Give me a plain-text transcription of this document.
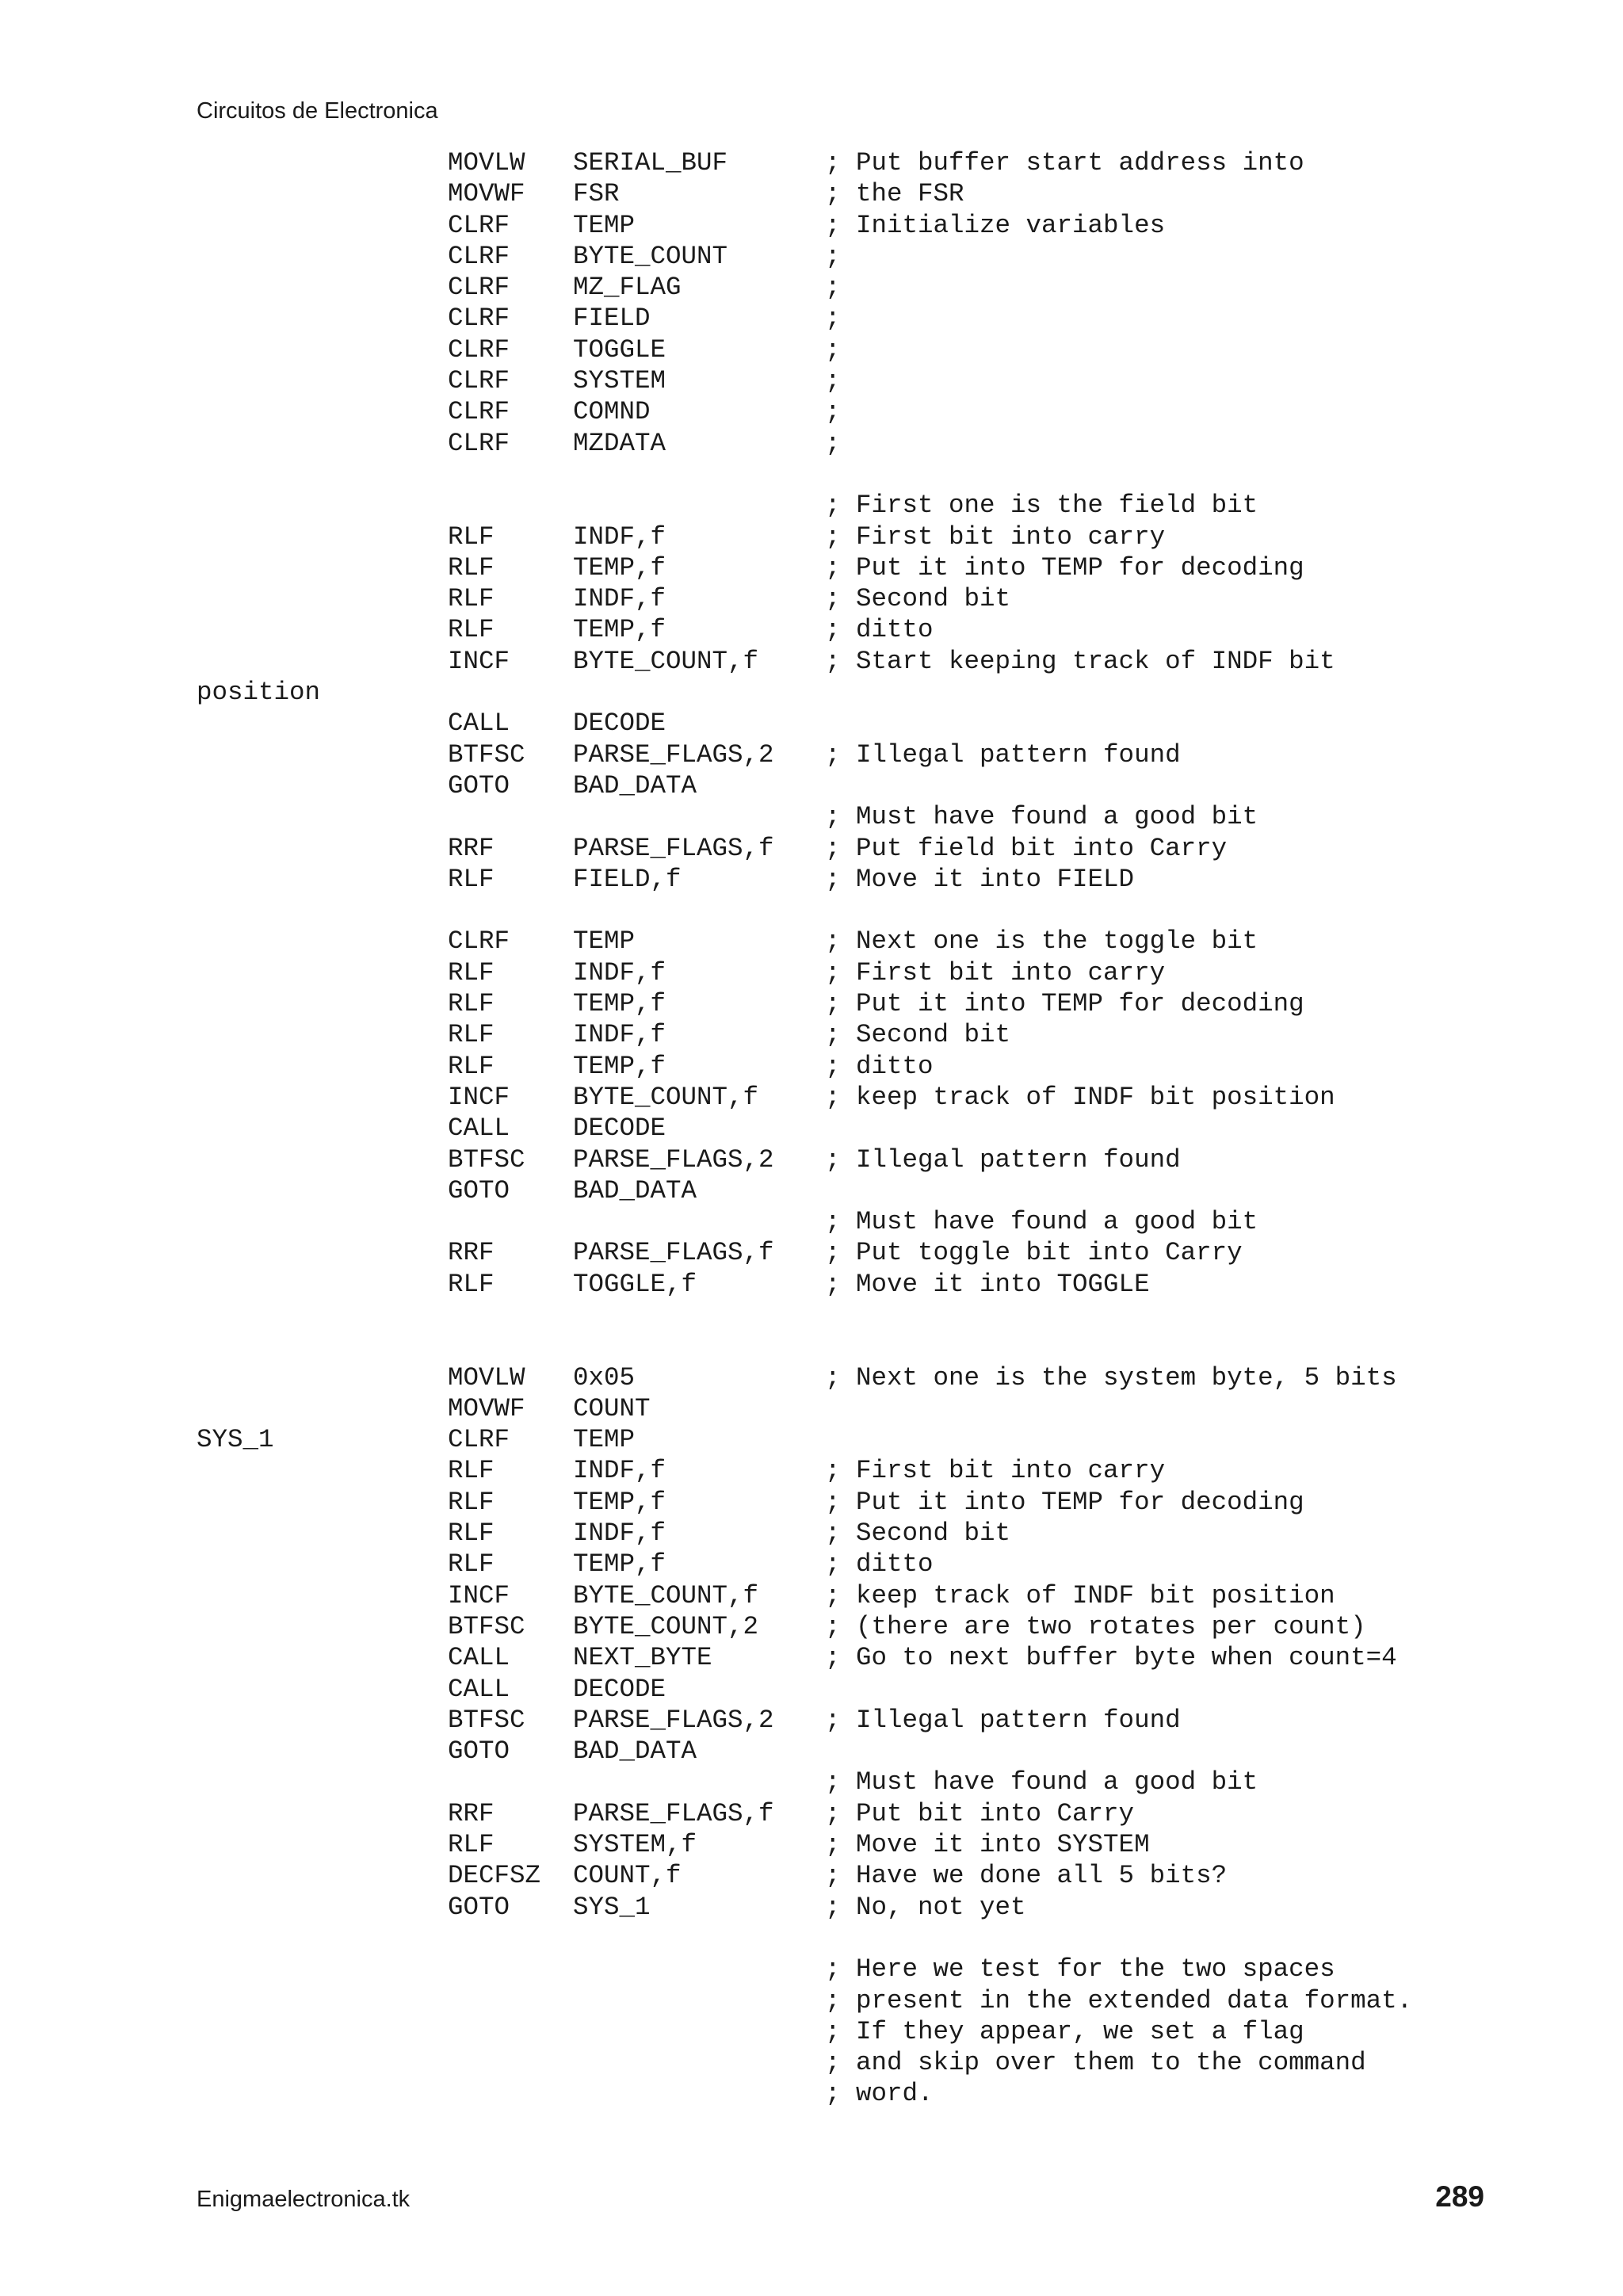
Circuitos de Electronica
MOVLW SERIAL_BUF	; Put buffer start address into
MOVWF FSR	; the FSR
CLRF TEMP	; Initialize variables
CLRF BYTE_COUNT	;
CLRF MZ_FLAG	;
CLRF FIELD	;
CLRF TOGGLE	;
CLRF SYSTEM	;
CLRF COMND	;
CLRF MZDATA	;
; First one is the field bit
RLF	INDF,f	; First bit into carry
RLF	TEMP,f	; Put it into TEMP for decoding
RLF	INDF,f	; Second bit
RLF	TEMP,f	; ditto
INCF BYTE_COUNT,f	; Start keeping track of INDF bit
position
CALL DECODE
BTFSC PARSE_FLAGS,2 ; Illegal pattern found
GOTO BAD_DATA
; Must have found a good bit
RRF	PARSE_FLAGS,f ; Put field bit into Carry
RLF	FIELD,f	; Move it into FIELD
CLRF TEMP	; Next one is the toggle bit
RLF	INDF,f	; First bit into carry
RLF	TEMP,f	; Put it into TEMP for decoding
RLF	INDF,f	; Second bit
RLF	TEMP,f	; ditto
INCF BYTE_COUNT,f	; keep track of INDF bit position
CALL DECODE
BTFSC PARSE_FLAGS,2 ; Illegal pattern found
GOTO BAD_DATA
; Must have found a good bit
RRF	PARSE_FLAGS,f ; Put toggle bit into Carry
RLF	TOGGLE,f	; Move it into TOGGLE
MOVLW 0x05	; Next one is the system byte, 5 bits
MOVWF COUNT
SYS_1	CLRF TEMP
RLF	INDF,f	; First bit into carry
RLF	TEMP,f	; Put it into TEMP for decoding
RLF	INDF,f	; Second bit
RLF	TEMP,f	; ditto
INCF BYTE_COUNT,f	; keep track of INDF bit position
BTFSC BYTE_COUNT,2	; (there are two rotates per count)
CALL NEXT_BYTE	; Go to next buffer byte when count=4
CALL DECODE
BTFSC PARSE_FLAGS,2 ; Illegal pattern found
GOTO BAD_DATA
; Must have found a good bit
RRF	PARSE_FLAGS,f ; Put bit into Carry
RLF	SYSTEM,f	; Move it into SYSTEM
DECFSZ COUNT,f	; Have we done all 5 bits?
GOTO SYS_1	; No, not yet
; Here we test for the two spaces
; present in the extended data format.
; If they appear, we set a flag
; and skip over them to the command
; word.
Enigmaelectronica.tk	289
